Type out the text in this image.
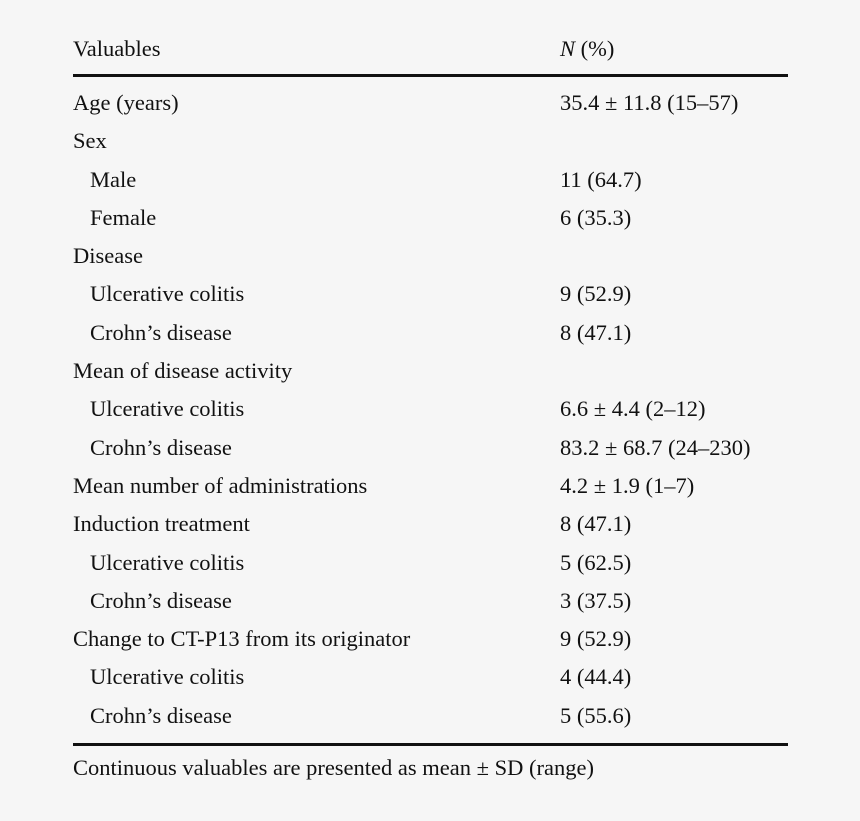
Valuables	N (%)
Age (years)	35.4 ± 11.8 (15–57)
Sex
Male	11 (64.7)
Female	6 (35.3)
Disease
Ulcerative colitis	9 (52.9)
Crohn’s disease	8 (47.1)
Mean of disease activity
Ulcerative colitis	6.6 ± 4.4 (2–12)
Crohn’s disease	83.2 ± 68.7 (24–230)
Mean number of administrations	4.2 ± 1.9 (1–7)
Induction treatment	8 (47.1)
Ulcerative colitis	5 (62.5)
Crohn’s disease	3 (37.5)
Change to CT-P13 from its originator	9 (52.9)
Ulcerative colitis	4 (44.4)
Crohn’s disease	5 (55.6)
Continuous valuables are presented as mean ± SD (range)
